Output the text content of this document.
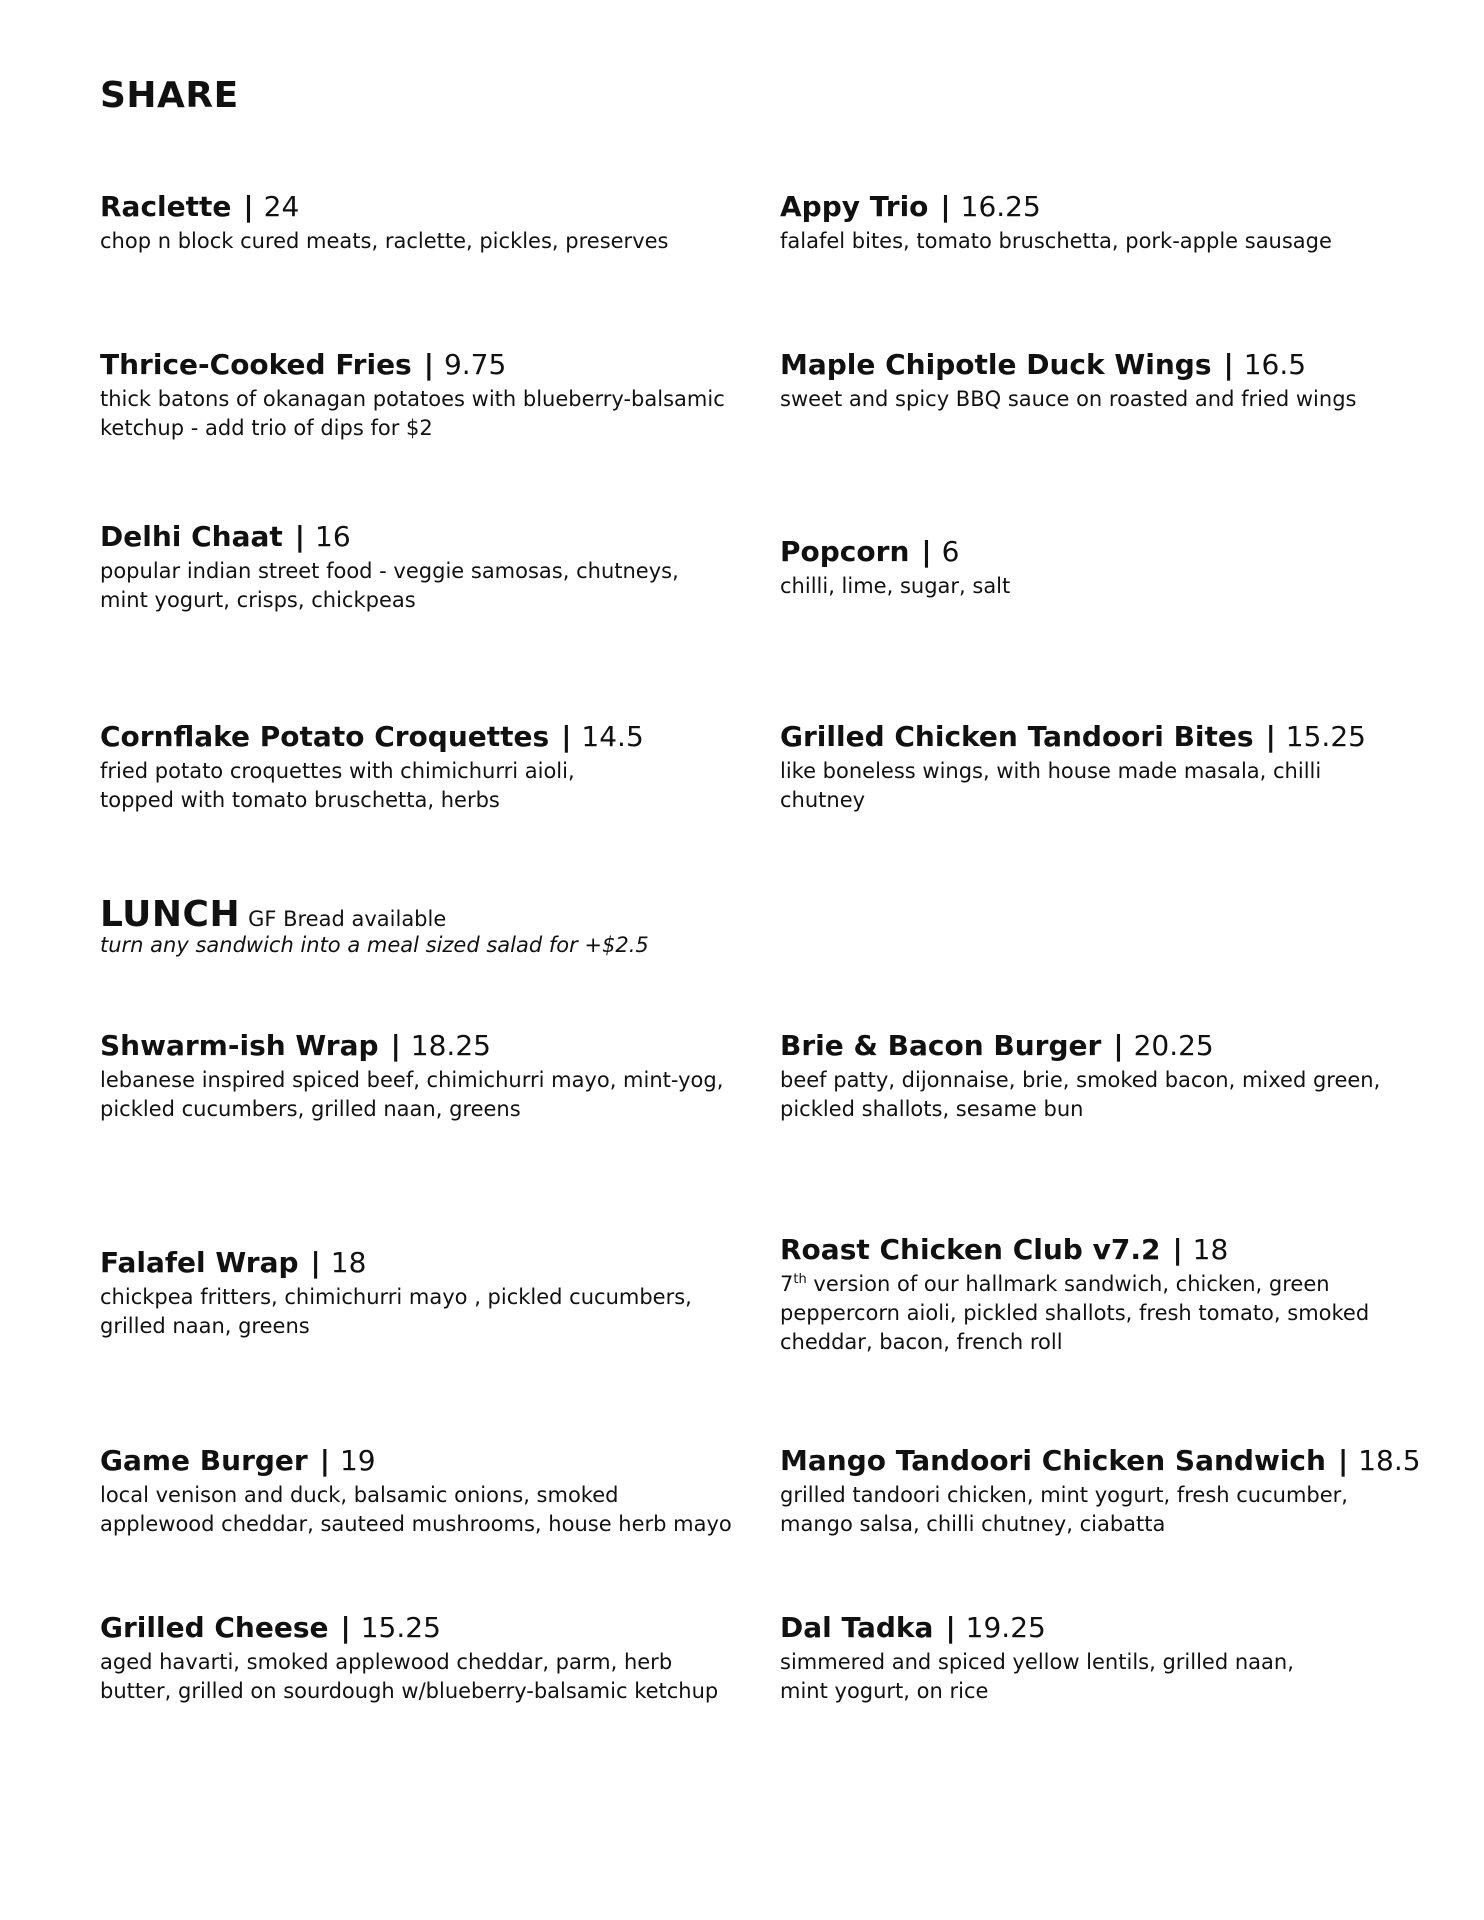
SHARE
Raclette | 24

chop n block cured meats, raclette, pickles, preserves

Appy Trio | 16.25

falafel bites, tomato bruschetta, pork-apple sausage

Thrice-Cooked Fries | 9.75

thick batons of okanagan potatoes with blueberry-balsamic
ketchup - add trio of dips for $2

Maple Chipotle Duck Wings | 16.5

sweet and spicy BBQ sauce on roasted and fried wings

Delhi Chaat | 16

popular indian street food - veggie samosas, chutneys,
mint yogurt, crisps, chickpeas

Popcorn | 6

chilli, lime, sugar, salt

Cornflake Potato Croquettes | 14.5

fried potato croquettes with chimichurri aioli,
topped with tomato bruschetta, herbs

Grilled Chicken Tandoori Bites | 15.25

like boneless wings, with house made masala, chilli
chutney

LUNCH GF Bread available

turn any sandwich into a meal sized salad for +$2.5

Shwarm-ish Wrap | 18.25

lebanese inspired spiced beef, chimichurri mayo, mint-yog,
pickled cucumbers, grilled naan, greens

Brie & Bacon Burger | 20.25

beef patty, dijonnaise, brie, smoked bacon, mixed green,
pickled shallots, sesame bun

Falafel Wrap | 18

chickpea fritters, chimichurri mayo , pickled cucumbers,
grilled naan, greens

Roast Chicken Club v7.2 | 18

7th version of our hallmark sandwich, chicken, green
peppercorn aioli, pickled shallots, fresh tomato, smoked
cheddar, bacon, french roll

Game Burger | 19

local venison and duck, balsamic onions, smoked
applewood cheddar, sauteed mushrooms, house herb mayo

Mango Tandoori Chicken Sandwich | 18.5

grilled tandoori chicken, mint yogurt, fresh cucumber,
mango salsa, chilli chutney, ciabatta

Grilled Cheese | 15.25

aged havarti, smoked applewood cheddar, parm, herb
butter, grilled on sourdough w/blueberry-balsamic ketchup

Dal Tadka | 19.25

simmered and spiced yellow lentils, grilled naan,
mint yogurt, on rice
